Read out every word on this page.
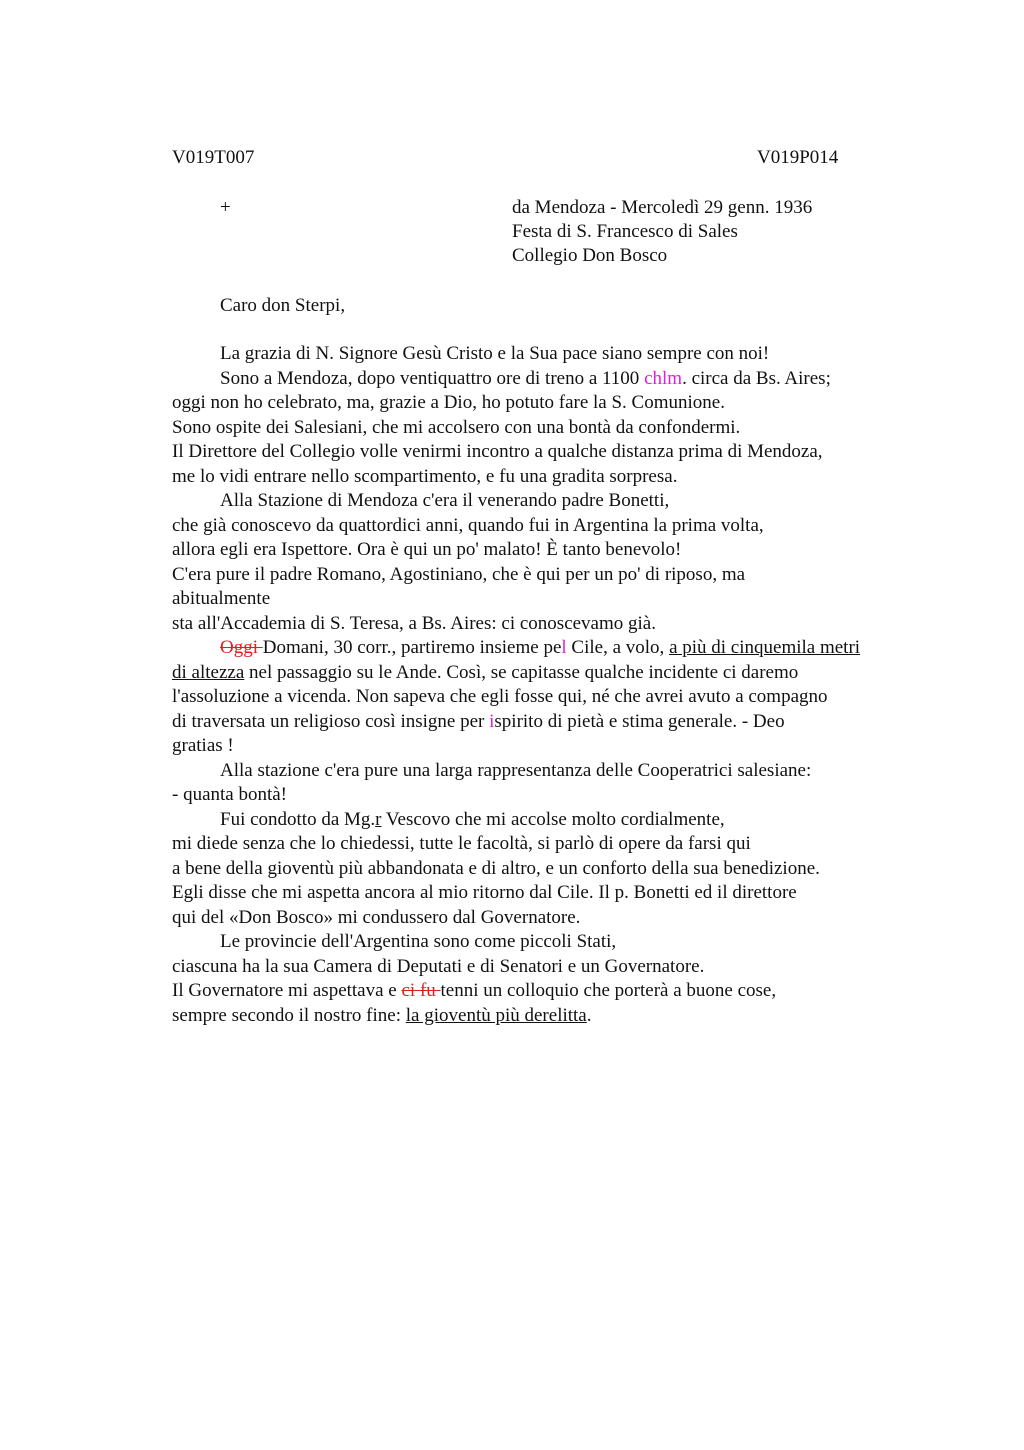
V019T007	V019P014
+	da Mendoza - Mercoledì 29 genn. 1936
Festa di S. Francesco di Sales
Collegio Don Bosco
Caro don Sterpi,
La grazia di N. Signore Gesù Cristo e la Sua pace siano sempre con noi!
Sono a Mendoza, dopo ventiquattro ore di treno a 1100 chlm. circa da Bs. Aires;
oggi non ho celebrato, ma, grazie a Dio, ho potuto fare la S. Comunione.
Sono ospite dei Salesiani, che mi accolsero con una bontà da confondermi.
Il Direttore del Collegio volle venirmi incontro a qualche distanza prima di Mendoza,
me lo vidi entrare nello scompartimento, e fu una gradita sorpresa.
Alla Stazione di Mendoza c'era il venerando padre Bonetti,
che già conoscevo da quattordici anni, quando fui in Argentina la prima volta,
allora egli era Ispettore. Ora è qui un po' malato! È tanto benevolo!
C'era pure il padre Romano, Agostiniano, che è qui per un po' di riposo, ma
abitualmente
sta all'Accademia di S. Teresa, a Bs. Aires: ci conoscevamo già.
Oggi Domani, 30 corr., partiremo insieme pel Cile, a volo, a più di cinquemila metri
di altezza nel passaggio su le Ande. Così, se capitasse qualche incidente ci daremo
l'assoluzione a vicenda. Non sapeva che egli fosse qui, né che avrei avuto a compagno
di traversata un religioso così insigne per ispirito di pietà e stima generale. - Deo
gratias !
Alla stazione c'era pure una larga rappresentanza delle Cooperatrici salesiane:
- quanta bontà!
Fui condotto da Mg.r Vescovo che mi accolse molto cordialmente,
mi diede senza che lo chiedessi, tutte le facoltà, si parlò di opere da farsi qui
a bene della gioventù più abbandonata e di altro, e un conforto della sua benedizione.
Egli disse che mi aspetta ancora al mio ritorno dal Cile. Il p. Bonetti ed il direttore
qui del «Don Bosco» mi condussero dal Governatore.
Le provincie dell'Argentina sono come piccoli Stati,
ciascuna ha la sua Camera di Deputati e di Senatori e un Governatore.
Il Governatore mi aspettava e ci fu tenni un colloquio che porterà a buone cose,
sempre secondo il nostro fine: la gioventù più derelitta.
